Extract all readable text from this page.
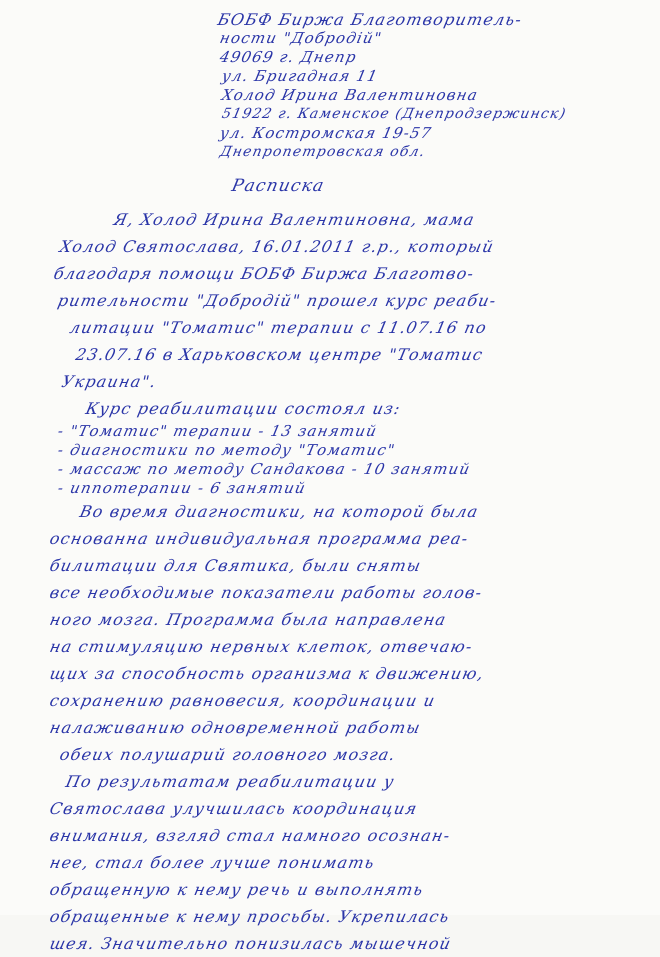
БОБФ Биржа Благотворитель-
ности "Добродій"
49069 г. Днепр
ул. Бригадная 11
Холод Ирина Валентиновна
51922 г. Каменское (Днепродзержинск)
ул. Костромская 19-57
Днепропетровская обл.
Расписка
Я, Холод Ирина Валентиновна, мама
Холод Святослава, 16.01.2011 г.р., который
благодаря помощи БОБФ Биржа Благотво-
рительности "Добродій" прошел курс реаби-
литации "Томатис" терапии с 11.07.16 по
23.07.16 в Харьковском центре "Томатис
Украина".
Курс реабилитации состоял из:
- "Томатис" терапии - 13 занятий
- диагностики по методу "Томатис"
- массаж по методу Сандакова - 10 занятий
- иппотерапии - 6 занятий
Во время диагностики, на которой была
основанна индивидуальная программа реа-
билитации для Святика, были сняты
все необходимые показатели работы голов-
ного мозга. Программа была направлена
на стимуляцию нервных клеток, отвечаю-
щих за способность организма к движению,
сохранению равновесия, координации и
налаживанию одновременной работы
обеих полушарий головного мозга.
По результатам реабилитации у
Святослава улучшилась координация
внимания, взгляд стал намного осознан-
нее, стал более лучше понимать
обращенную к нему речь и выполнять
обращенные к нему просьбы. Укрепилась
шея. Значительно понизилась мышечной
